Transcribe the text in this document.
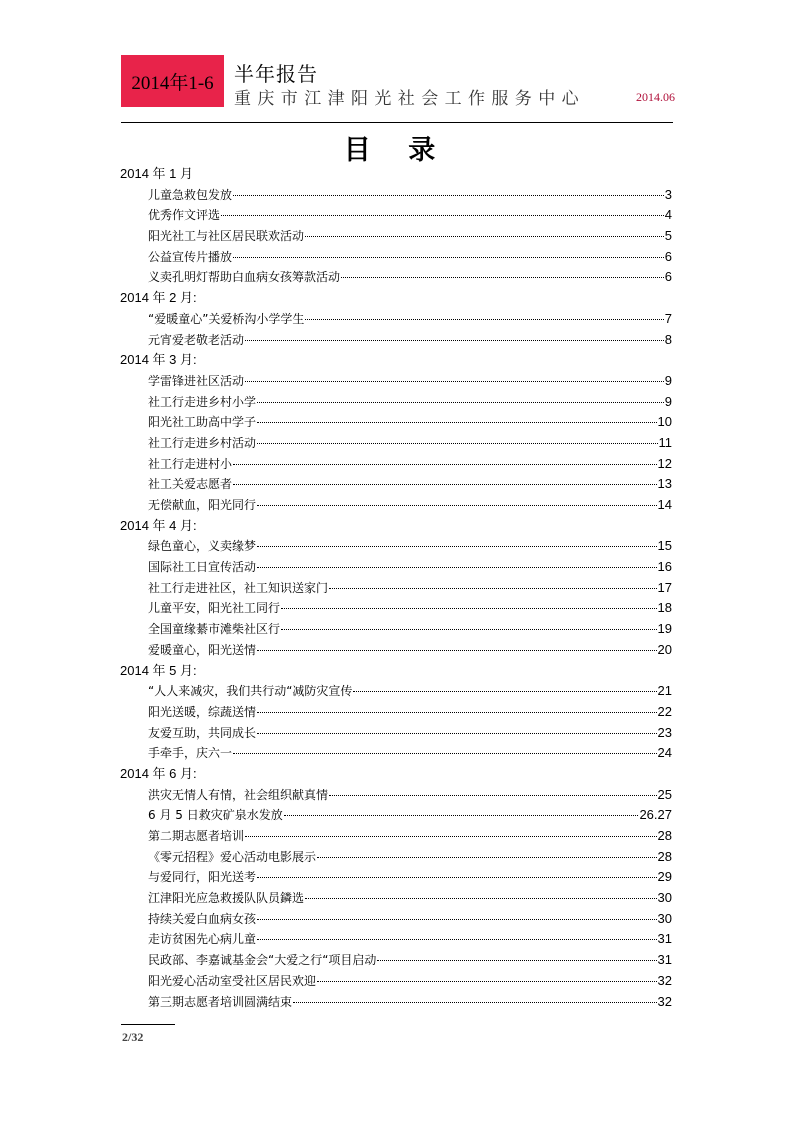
2014年1-6	半年报告
重庆市江津阳光社会工作服务中心	2014.06
目 录
2014 年 1 月
儿童急救包发放	3
优秀作文评选	4
阳光社工与社区居民联欢活动	5
公益宣传片播放	6
义卖孔明灯帮助白血病女孩筹款活动	6
2014 年 2 月:
“爱暖童心”关爱桥沟小学学生	7
元宵爱老敬老活动	8
2014 年 3 月:
学雷锋进社区活动	9
社工行走进乡村小学	9
阳光社工助高中学子	10
社工行走进乡村活动	11
社工行走进村小	12
社工关爱志愿者	13
无偿献血，阳光同行	14
2014 年 4 月:
绿色童心，义卖缘梦	15
国际社工日宣传活动	16
社工行走进社区，社工知识送家门	17
儿童平安，阳光社工同行	18
全国童缘綦市滩柴社区行	19
爱暖童心，阳光送情	20
2014 年 5 月:
“人人来减灾，我们共行动“减防灾宣传	21
阳光送暖，综蔬送情	22
友爱互助，共同成长	23
手牵手，庆六一	24
2014 年 6 月:
洪灾无情人有情，社会组织献真情	25
6 月 5 日救灾矿泉水发放	26.27
第二期志愿者培训	28
《零元招程》爱心活动电影展示	28
与爱同行，阳光送考	29
江津阳光应急救援队队员鏻选	30
持续关爱白血病女孩	30
走访贫困先心病儿童	31
民政部、李嘉诚基金会“大爱之行“项目启动	31
阳光爱心活动室受社区居民欢迎	32
第三期志愿者培训圆满结束	32
2/32
